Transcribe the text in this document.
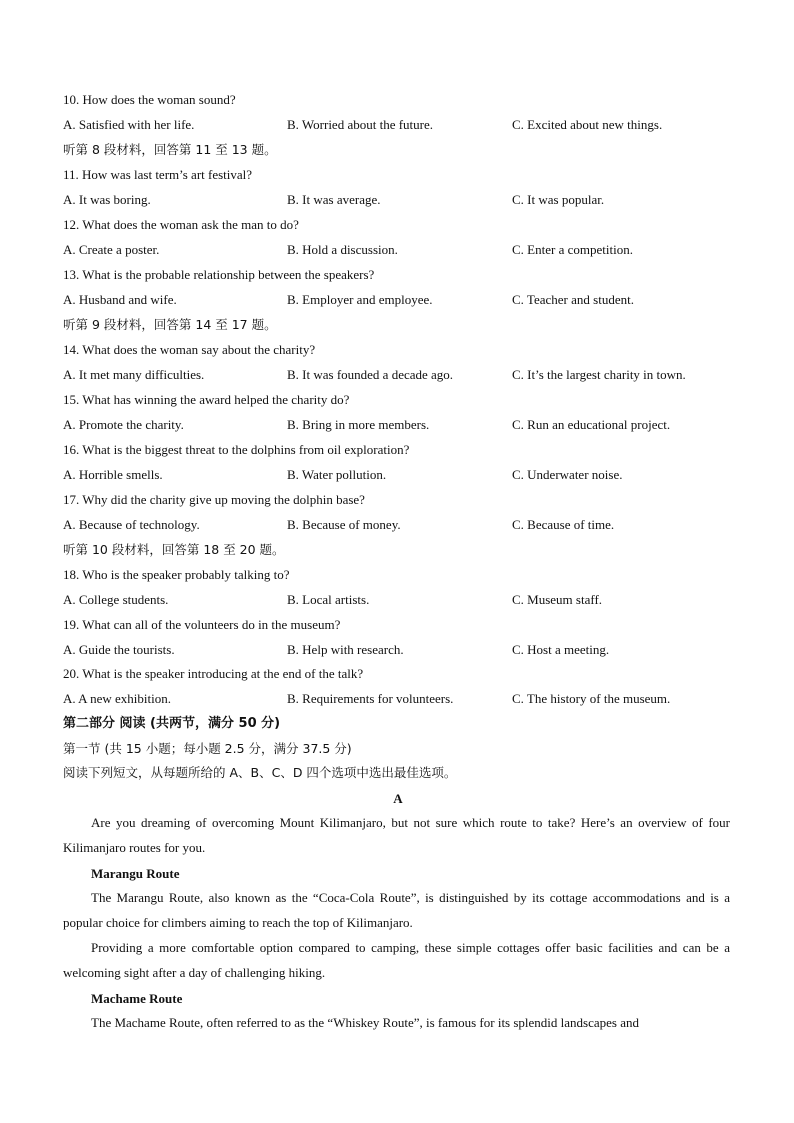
10. How does the woman sound?
A. Satisfied with her life.	B. Worried about the future.	C. Excited about new things.
听第 8 段材料，回答第 11 至 13 题。
11. How was last term’s art festival?
A. It was boring.	B. It was average.	C. It was popular.
12. What does the woman ask the man to do?
A. Create a poster.	B. Hold a discussion.	C. Enter a competition.
13. What is the probable relationship between the speakers?
A. Husband and wife.	B. Employer and employee.	C. Teacher and student.
听第 9 段材料，回答第 14 至 17 题。
14. What does the woman say about the charity?
A. It met many difficulties.	B. It was founded a decade ago.	C. It’s the largest charity in town.
15. What has winning the award helped the charity do?
A. Promote the charity.	B. Bring in more members.	C. Run an educational project.
16. What is the biggest threat to the dolphins from oil exploration?
A. Horrible smells.	B. Water pollution.	C. Underwater noise.
17. Why did the charity give up moving the dolphin base?
A. Because of technology.	B. Because of money.	C. Because of time.
听第 10 段材料，回答第 18 至 20 题。
18. Who is the speaker probably talking to?
A. College students.	B. Local artists.	C. Museum staff.
19. What can all of the volunteers do in the museum?
A. Guide the tourists.	B. Help with research.	C. Host a meeting.
20. What is the speaker introducing at the end of the talk?
A. A new exhibition.	B. Requirements for volunteers.	C. The history of the museum.
第二部分 阅读 (共两节，满分 50 分)
第一节 (共 15 小题；每小题 2.5 分，满分 37.5 分)
阅读下列短文，从每题所给的 A、B、C、D 四个选项中选出最佳选项。
A
Are you dreaming of overcoming Mount Kilimanjaro, but not sure which route to take? Here’s an overview of four Kilimanjaro routes for you.
Marangu Route
The Marangu Route, also known as the “Coca-Cola Route”, is distinguished by its cottage accommodations and is a popular choice for climbers aiming to reach the top of Kilimanjaro.
Providing a more comfortable option compared to camping, these simple cottages offer basic facilities and can be a welcoming sight after a day of challenging hiking.
Machame Route
The Machame Route, often referred to as the “Whiskey Route”, is famous for its splendid landscapes and
